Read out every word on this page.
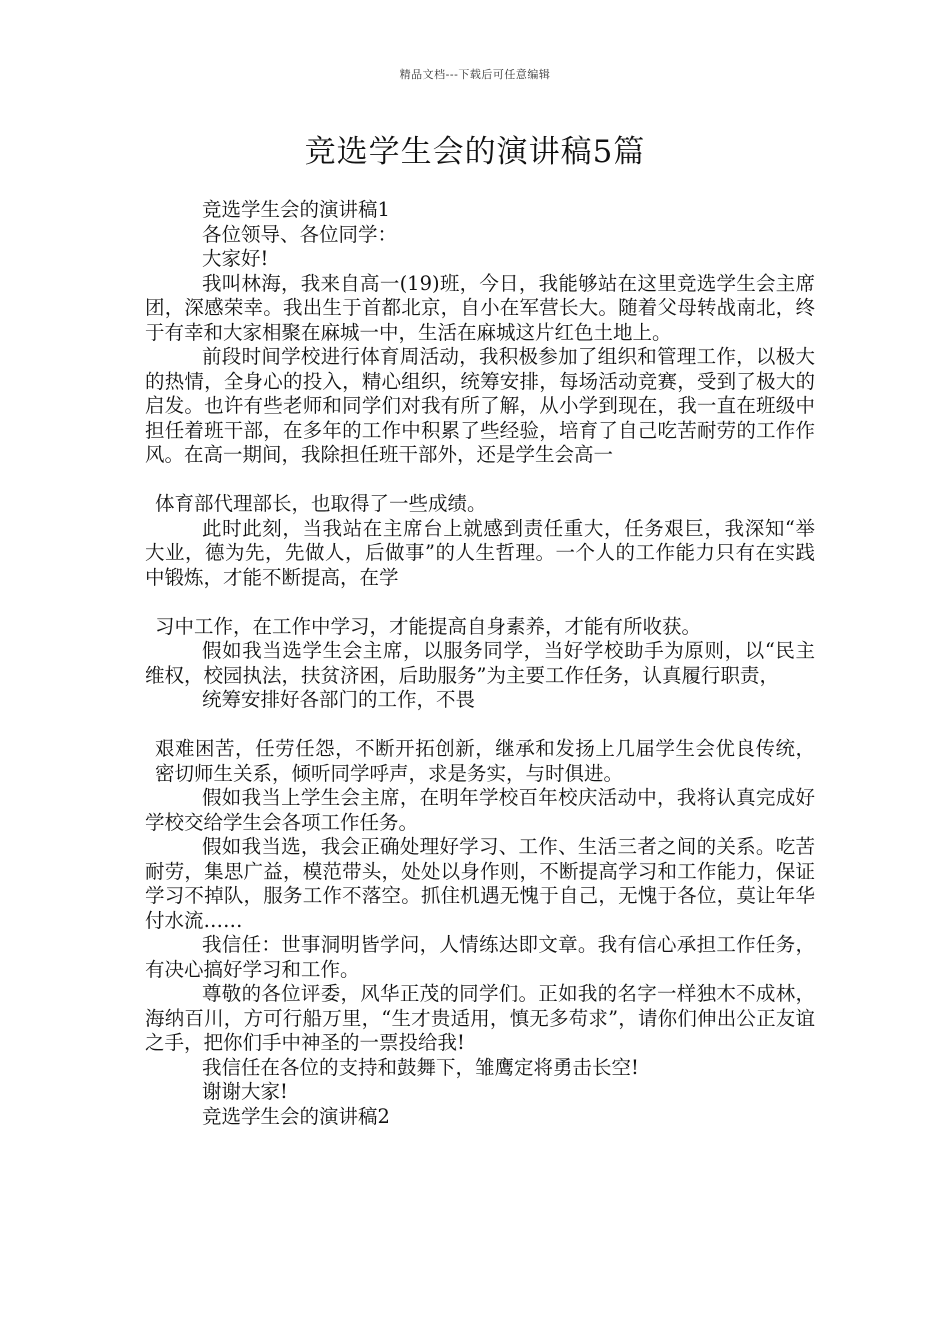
精品文档---下载后可任意编辑
竞选学生会的演讲稿5篇

竞选学生会的演讲稿1

各位领导、各位同学：

大家好!

我叫林海，我来自高一(19)班，今日，我能够站在这里竞选学生会主席团，深感荣幸。我出生于首都北京，自小在军营长大。随着父母转战南北，终于有幸和大家相聚在麻城一中，生活在麻城这片红色土地上。

前段时间学校进行体育周活动，我积极参加了组织和管理工作，以极大的热情，全身心的投入，精心组织，统筹安排，每场活动竞赛，受到了极大的启发。也许有些老师和同学们对我有所了解，从小学到现在，我一直在班级中担任着班干部，在多年的工作中积累了些经验，培育了自己吃苦耐劳的工作作风。在高一期间，我除担任班干部外，还是学生会高一

体育部代理部长，也取得了一些成绩。

此时此刻，当我站在主席台上就感到责任重大，任务艰巨，我深知“举大业，德为先，先做人，后做事”的人生哲理。一个人的工作能力只有在实践中锻炼，才能不断提高，在学

习中工作，在工作中学习，才能提高自身素养，才能有所收获。

假如我当选学生会主席，以服务同学，当好学校助手为原则，以“民主维权，校园执法，扶贫济困，后助服务”为主要工作任务，认真履行职责，

统筹安排好各部门的工作，不畏

艰难困苦，任劳任怨，不断开拓创新，继承和发扬上几届学生会优良传统，密切师生关系，倾听同学呼声，求是务实，与时俱进。

假如我当上学生会主席，在明年学校百年校庆活动中，我将认真完成好学校交给学生会各项工作任务。

假如我当选，我会正确处理好学习、工作、生活三者之间的关系。吃苦耐劳，集思广益，模范带头，处处以身作则，不断提高学习和工作能力，保证学习不掉队，服务工作不落空。抓住机遇无愧于自己，无愧于各位，莫让年华付水流……

我信任：世事洞明皆学问，人情练达即文章。我有信心承担工作任务，有决心搞好学习和工作。

尊敬的各位评委，风华正茂的同学们。正如我的名字一样独木不成林，海纳百川，方可行船万里，“生才贵适用，慎无多苟求”，请你们伸出公正友谊之手，把你们手中神圣的一票投给我!

我信任在各位的支持和鼓舞下，雏鹰定将勇击长空!

谢谢大家!

竞选学生会的演讲稿2
